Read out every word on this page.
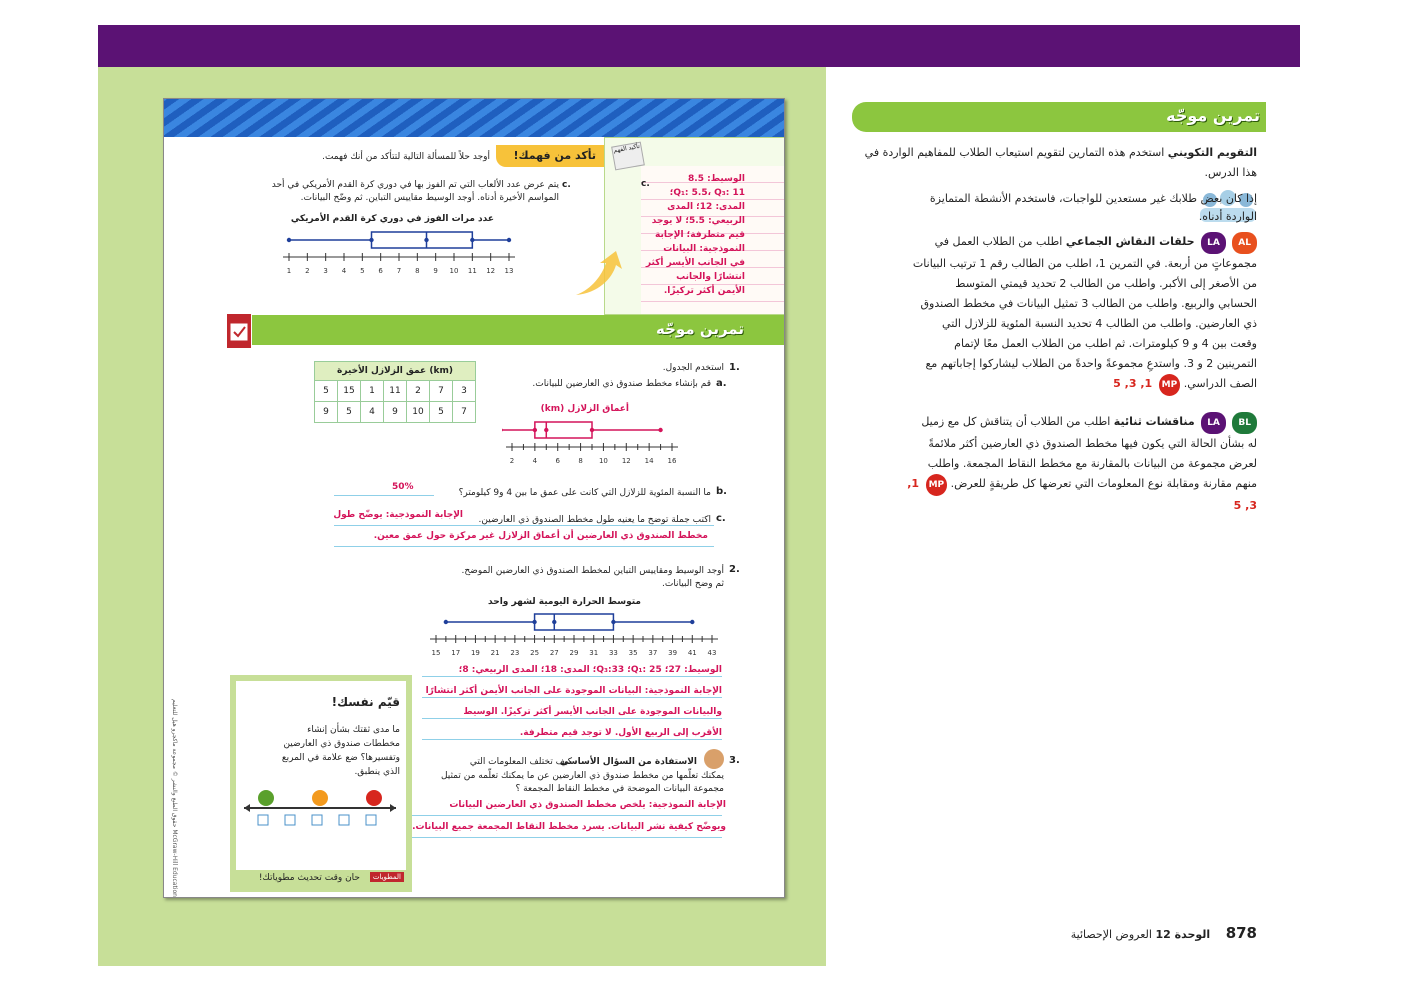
تأكد من فهمك!
أوجد حلاً للمسألة التالية لتتأكد من أنك فهمت.
c.
يتم عرض عدد الألعاب التي تم الفوز بها في دوري كرة القدم الأمريكي في أحد
المواسم الأخيرة أدناه. أوجد الوسيط مقاييس التباين. ثم وضّح البيانات.
عدد مرات الفوز في دوري كرة القدم الأمريكي
1 2 3 4 5 6 7 8 9 10 11 12 13
تأكيد الفهم
c.	الوسيط: 8.5
Q₁: 5.5، Q₃: 11؛
المدى: 12؛ المدى
الربيعي: 5.5؛ لا يوجد
قيم متطرفة؛ الإجابة
النموذجية: البيانات
في الجانب الأيسر أكثر
انتشارًا والجانب
الأيمن أكثر تركيزًا.
تمرين موجّه
1.
استخدم الجدول.
a.
قم بإنشاء مخطط صندوق ذي العارضين للبيانات.
عمق الزلازل الأخيرة (km)						
5	15	1	11	2	7	3
9	5	4	9	10	5	7	أعماق الزلازل (km)
2	4	6	8 10 12 14 16
b.
ما النسبة المئوية للزلازل التي كانت على عمق ما بين 4 و9 كيلومتر؟
50%
c.
اكتب جملة توضح ما يعنيه طول مخطط الصندوق ذي العارضين.
الإجابة النموذجية: يوضّح طول
مخطط الصندوق ذي العارضين أن أعماق الزلازل غير مركزة حول عمق معين.
2.
أوجد الوسيط ومقاييس التباين لمخطط الصندوق ذي العارضين الموضح.
ثم وضح البيانات.
متوسط الحرارة اليومية لشهر واحد
15 17 19 21 23 25 27 29 31 33 35 37 39 41 43
الوسيط: 27؛ Q₁: 25؛ Q₃:33؛ المدى: 18؛ المدى الربيعي: 8؛
الإجابة النموذجية: البيانات الموجودة على الجانب الأيمن أكثر انتشارًا
والبيانات الموجودة على الجانب الأيسر أكثر تركيزًا. الوسيط
الأقرب إلى الربيع الأول. لا توجد قيم متطرفة.
3.
الاستفادة من السؤال الأساسي
كيف تختلف المعلومات التي
يمكنك تعلّمها من مخطط صندوق ذي العارضين عن ما يمكنك تعلّمه من تمثيل
مجموعة البيانات الموضحة في مخطط النقاط المجمعة ؟
الإجابة النموذجية: يلخص مخطط الصندوق ذي العارضين البيانات
ويوضّح كيفية نشر البيانات. يسرد مخطط النقاط المجمعة جميع البيانات.
قيّم نفسك!
ما مدى ثقتك بشأن إنشاء
مخططات صندوق ذي العارضين
وتفسيرها؟ ضع علامة في المربع
الذي ينطبق.
حان وقت تحديث مطوياتك!	المطويات
حقوق الطبع والنشر © مجموعة ماكجرو هيل للتعليم McGraw-Hill Education
تمرين موجّه
التقويم التكويني استخدم هذه التمارين لتقويم استيعاب الطلاب للمفاهيم الواردة في هذا الدرس.
إذا كان بعض طلابك غير مستعدين للواجبات، فاستخدم الأنشطة المتمايزة الواردة أدناه.
AL LA حلقات النقاش الجماعي اطلب من الطلاب العمل في
مجموعاتٍ من أربعة. في التمرين 1، اطلب من الطالب رقم 1 ترتيب البيانات
من الأصغر إلى الأكبر. واطلب من الطالب 2 تحديد قيمتي المتوسط
الحسابي والربيع. واطلب من الطالب 3 تمثيل البيانات في مخطط الصندوق
ذي العارضين. واطلب من الطالب 4 تحديد النسبة المئوية للزلازل التي
وقعت بين 4 و 9 كيلومترات. ثم اطلب من الطلاب العمل معًا لإتمام
التمرينين 2 و 3. واستدعِ مجموعةً واحدةً من الطلاب ليشاركوا إجاباتهم مع
الصف الدراسي. MP 1, 3, 5
BL LA مناقشات ثنائية اطلب من الطلاب أن يتناقش كل مع زميل
له بشأن الحالة التي يكون فيها مخطط الصندوق ذي العارضين أكثر ملائمةً
لعرض مجموعة من البيانات بالمقارنة مع مخطط النقاط المجمعة. واطلب
منهم مقارنة ومقابلة نوع المعلومات التي تعرضها كل طريقةٍ للعرض. MP 1,
3, 5
878 الوحدة 12 العروض الإحصائية
